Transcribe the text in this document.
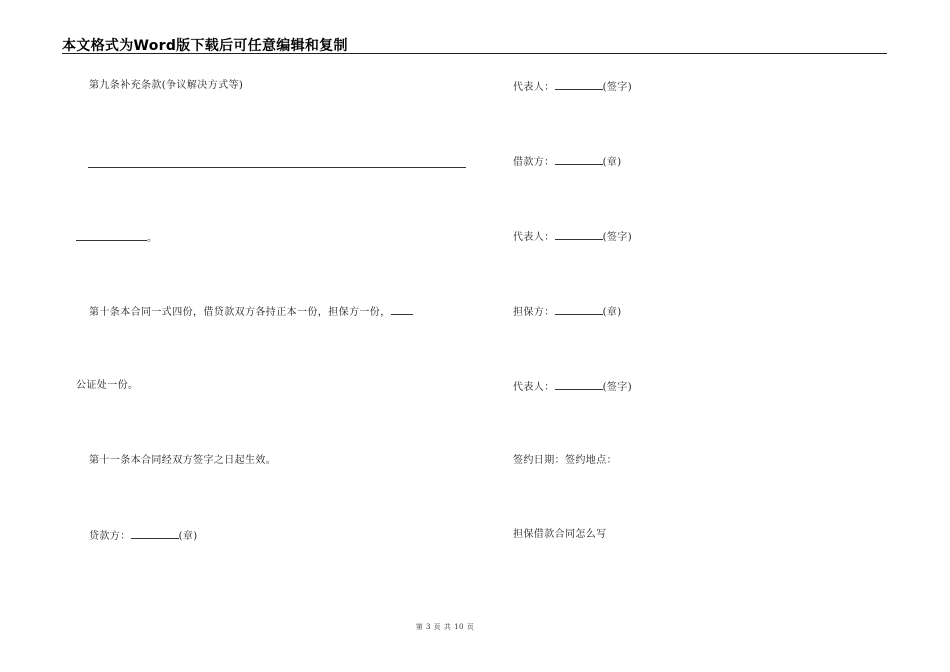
本文格式为Word版下载后可任意编辑和复制
第九条补充条款(争议解决方式等)
。
第十条本合同一式四份，借贷款双方各持正本一份，担保方一份，
公证处一份。
第十一条本合同经双方签字之日起生效。
贷款方：	(章)
代表人：	(签字)
借款方：	(章)
代表人：	(签字)
担保方：	(章)
代表人：	(签字)
签约日期：签约地点：
担保借款合同怎么写
第 3 页 共 10 页
